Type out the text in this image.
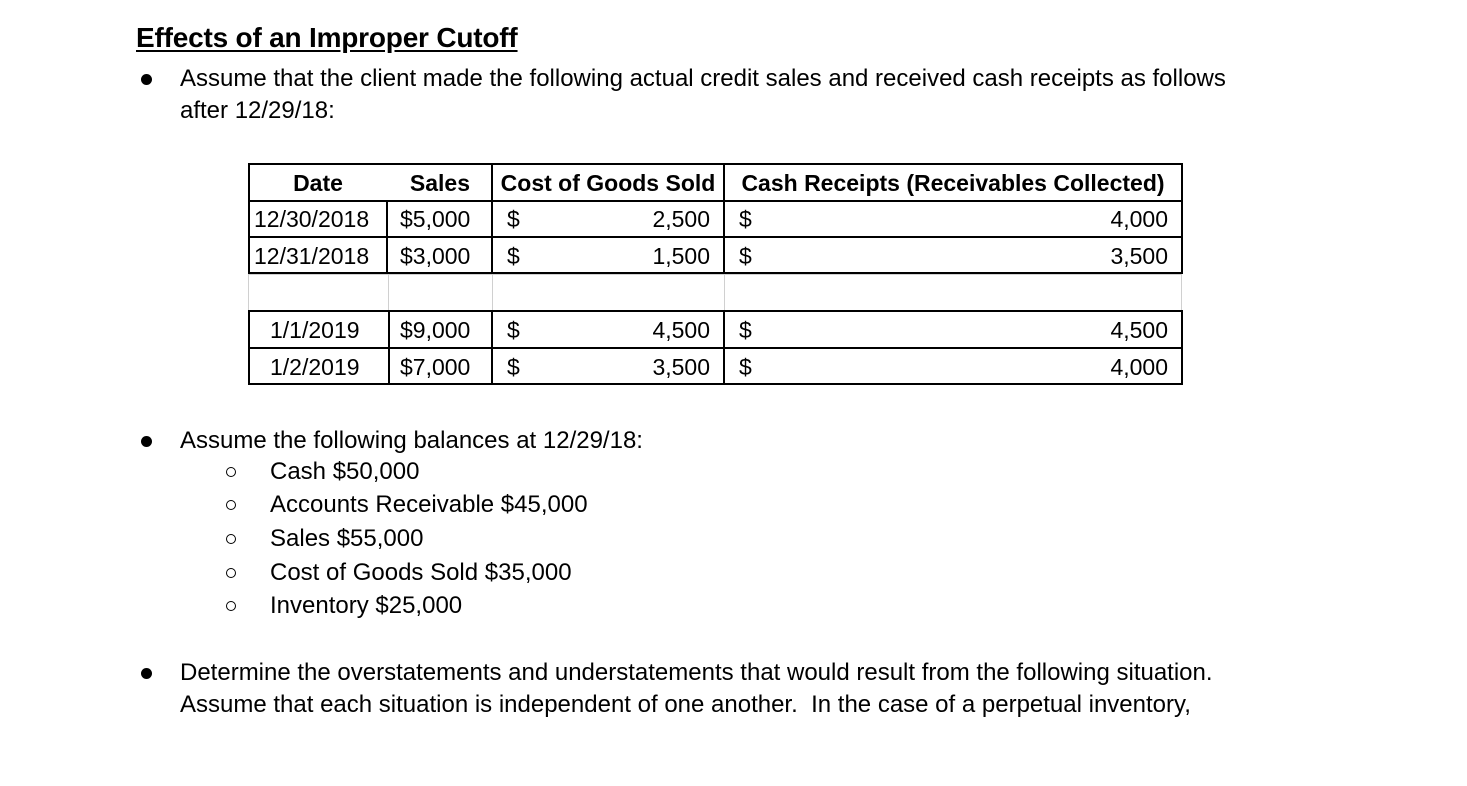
Effects of an Improper Cutoff
Assume that the client made the following actual credit sales and received cash receipts as follows
after 12/29/18:
Date	Sales	Cost of Goods Sold	Cash Receipts (Receivables Collected)
12/30/2018 $5,000 $	2,500 $	4,000
12/31/2018 $3,000 $	1,500 $	3,500
1/1/2019 $9,000 $	4,500 $	4,500
1/2/2019 $7,000 $	3,500 $	4,000
Assume the following balances at 12/29/18:
Cash $50,000
Accounts Receivable $45,000
Sales $55,000
Cost of Goods Sold $35,000
Inventory $25,000
Determine the overstatements and understatements that would result from the following situation.
Assume that each situation is independent of one another.  In the case of a perpetual inventory,
